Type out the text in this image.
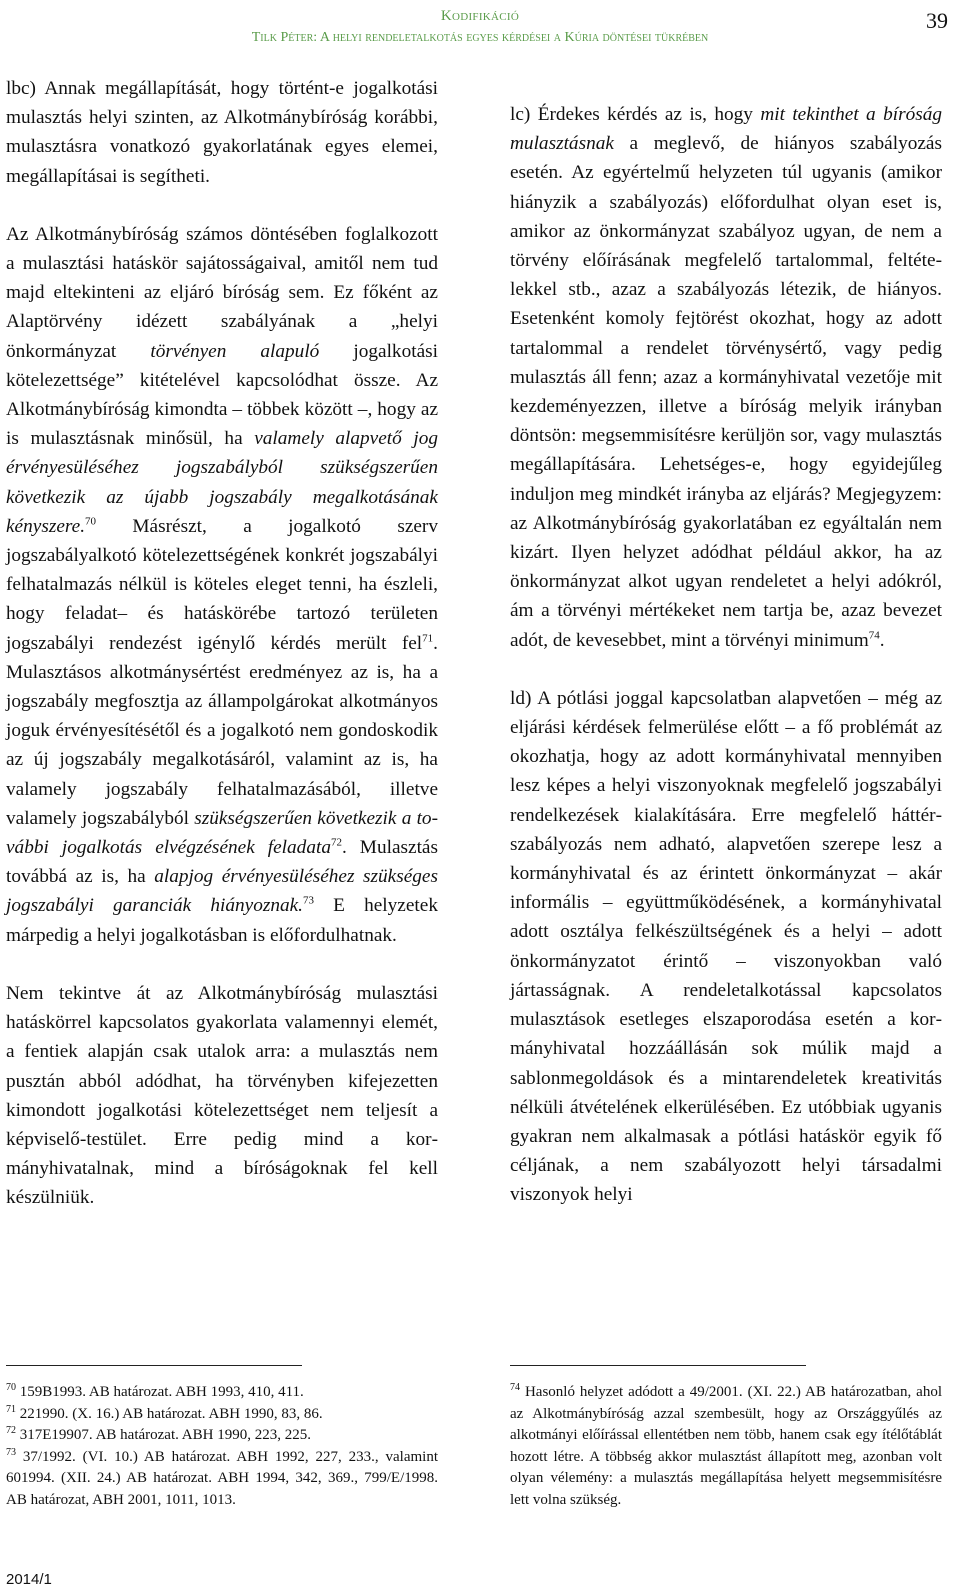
Kodifikáció
Tilk Péter: A helyi rendeletalkotás egyes kérdései a Kúria döntései tükrében
39

lbc) Annak megállapítását, hogy történt-e jogalkotási mulasztás helyi szinten, az Alkotmánybíróság korábbi, mulasztásra vonatkozó gyakorlatának egyes elemei, megállapításai is segítheti.

Az Alkotmánybíróság számos döntésében foglalkozott a mulasztási hatáskör sajátosságaival, amitől nem tud majd eltekinteni az eljáró bíróság sem. Ez főként az Alaptörvény idézett szabályának a „helyi önkormányzat törvényen alapuló jogalkotási kötelezettsége” kitételével kapcsolódhat össze. Az Alkotmánybíróság kimondta – többek között –, hogy az is mulasztásnak minősül, ha valamely alapvető jog érvényesüléséhez jogszabályból szükségszerűen következik az újabb jogszabály megalkotásának kényszere.$^{70}$ Másrészt, a jogalkotó szerv jogszabályalkotó kötelezettségének konkrét jogszabályi felhatalmazás nélkül is köteles eleget tenni, ha észleli, hogy feladat– és hatáskörébe tartozó területen jogszabályi rendezést igénylő kérdés merült fel$^{71}$. Mulasztásos alkotmánysértést eredményez az is, ha a jogszabály megfosztja az állampolgárokat alkotmányos joguk érvényesítésétől és a jogalkotó nem gondoskodik az új jogszabály megalkotásáról, valamint az is, ha valamely jogszabály felhatalmazásából, illetve valamely jogszabályból szükségszerűen következik a további jogalkotás elvégzésének feladata$^{72}$. Mulasztás továbbá az is, ha alapjog érvényesüléséhez szükséges jogszabályi garanciák hiányoznak.$^{73}$ E helyzetek márpedig a helyi jogalkotásban is előfordulhatnak.

Nem tekintve át az Alkotmánybíróság mulasztási hatáskörrel kapcsolatos gyakorlata valamennyi elemét, a fentiek alapján csak utalok arra: a mulasztás nem pusztán abból adódhat, ha törvényben kifejezetten kimondott jogalkotási kötelezettséget nem teljesít a képviselő-testület. Erre pedig mind a kormányhivatalnak, mind a bíróságoknak fel kell készülniük.

lc) Érdekes kérdés az is, hogy mit tekinthet a bíróság mulasztásnak a meglevő, de hiányos szabályozás esetén. Az egyértelmű helyzeten túl ugyanis (amikor hiányzik a szabályozás) előfordulhat olyan eset is, amikor az önkormányzat szabályoz ugyan, de nem a törvény előírásának megfelelő tartalommal, feltételekkel stb., azaz a szabályozás létezik, de hiányos. Esetenként komoly fejtörést okozhat, hogy az adott tartalommal a rendelet törvénysértő, vagy pedig mulasztás áll fenn; azaz a kormányhivatal vezetője mit kezdeményezzen, illetve a bíróság melyik irányban döntsön: megsemmisítésre kerüljön sor, vagy mulasztás megállapítására. Lehetséges-e, hogy egyidejűleg induljon meg mindkét irányba az eljárás? Megjegyzem: az Alkotmánybíróság gyakorlatában ez egyáltalán nem kizárt. Ilyen helyzet adódhat például akkor, ha az önkormányzat alkot ugyan rendeletet a helyi adókról, ám a törvényi mértékeket nem tartja be, azaz bevezet adót, de kevesebbet, mint a törvényi minimum$^{74}$.

ld) A pótlási joggal kapcsolatban alapvetően – még az eljárási kérdések felmerülése előtt – a fő problémát az okozhatja, hogy az adott kormányhivatal mennyiben lesz képes a helyi viszonyoknak megfelelő jogszabályi rendelkezések kialakítására. Erre megfelelő háttérszabályozás nem adható, alapvetően szerepe lesz a kormányhivatal és az érintett önkormányzat – akár informális – együttműködésének, a kormányhivatal adott osztálya felkészültségének és a helyi – adott önkormányzatot érintő – viszonyokban való jártasságnak. A rendeletalkotással kapcsolatos mulasztások esetleges elszaporodása esetén a kormányhivatal hozzáállásán sok múlik majd a sablonmegoldások és a mintarendeletek kreativitás nélküli átvételének elkerülésében. Ez utóbbiak ugyanis gyakran nem alkalmasak a pótlási hatáskör egyik fő céljának, a nem szabályozott helyi társadalmi viszonyok helyi

$^{70}$ 159B1993. AB határozat. ABH 1993, 410, 411.

$^{71}$ 221990. (X. 16.) AB határozat. ABH 1990, 83, 86.

$^{72}$ 317E19907. AB határozat. ABH 1990, 223, 225.

$^{73}$ 37/1992. (VI. 10.) AB határozat. ABH 1992, 227, 233., valamint 601994. (XII. 24.) AB határozat. ABH 1994, 342, 369., 799/E/1998. AB határozat, ABH 2001, 1011, 1013.

$^{74}$ Hasonló helyzet adódott a 49/2001. (XI. 22.) AB határozatban, ahol az Alkotmánybíróság azzal szembesült, hogy az Országgyűlés az alkotmányi előírással ellentétben nem több, hanem csak egy ítélőtáblát hozott létre. A többség akkor mulasztást állapított meg, azonban volt olyan vélemény: a mulasztás megállapítása helyett megsemmisítésre lett volna szükség.

2014/1
